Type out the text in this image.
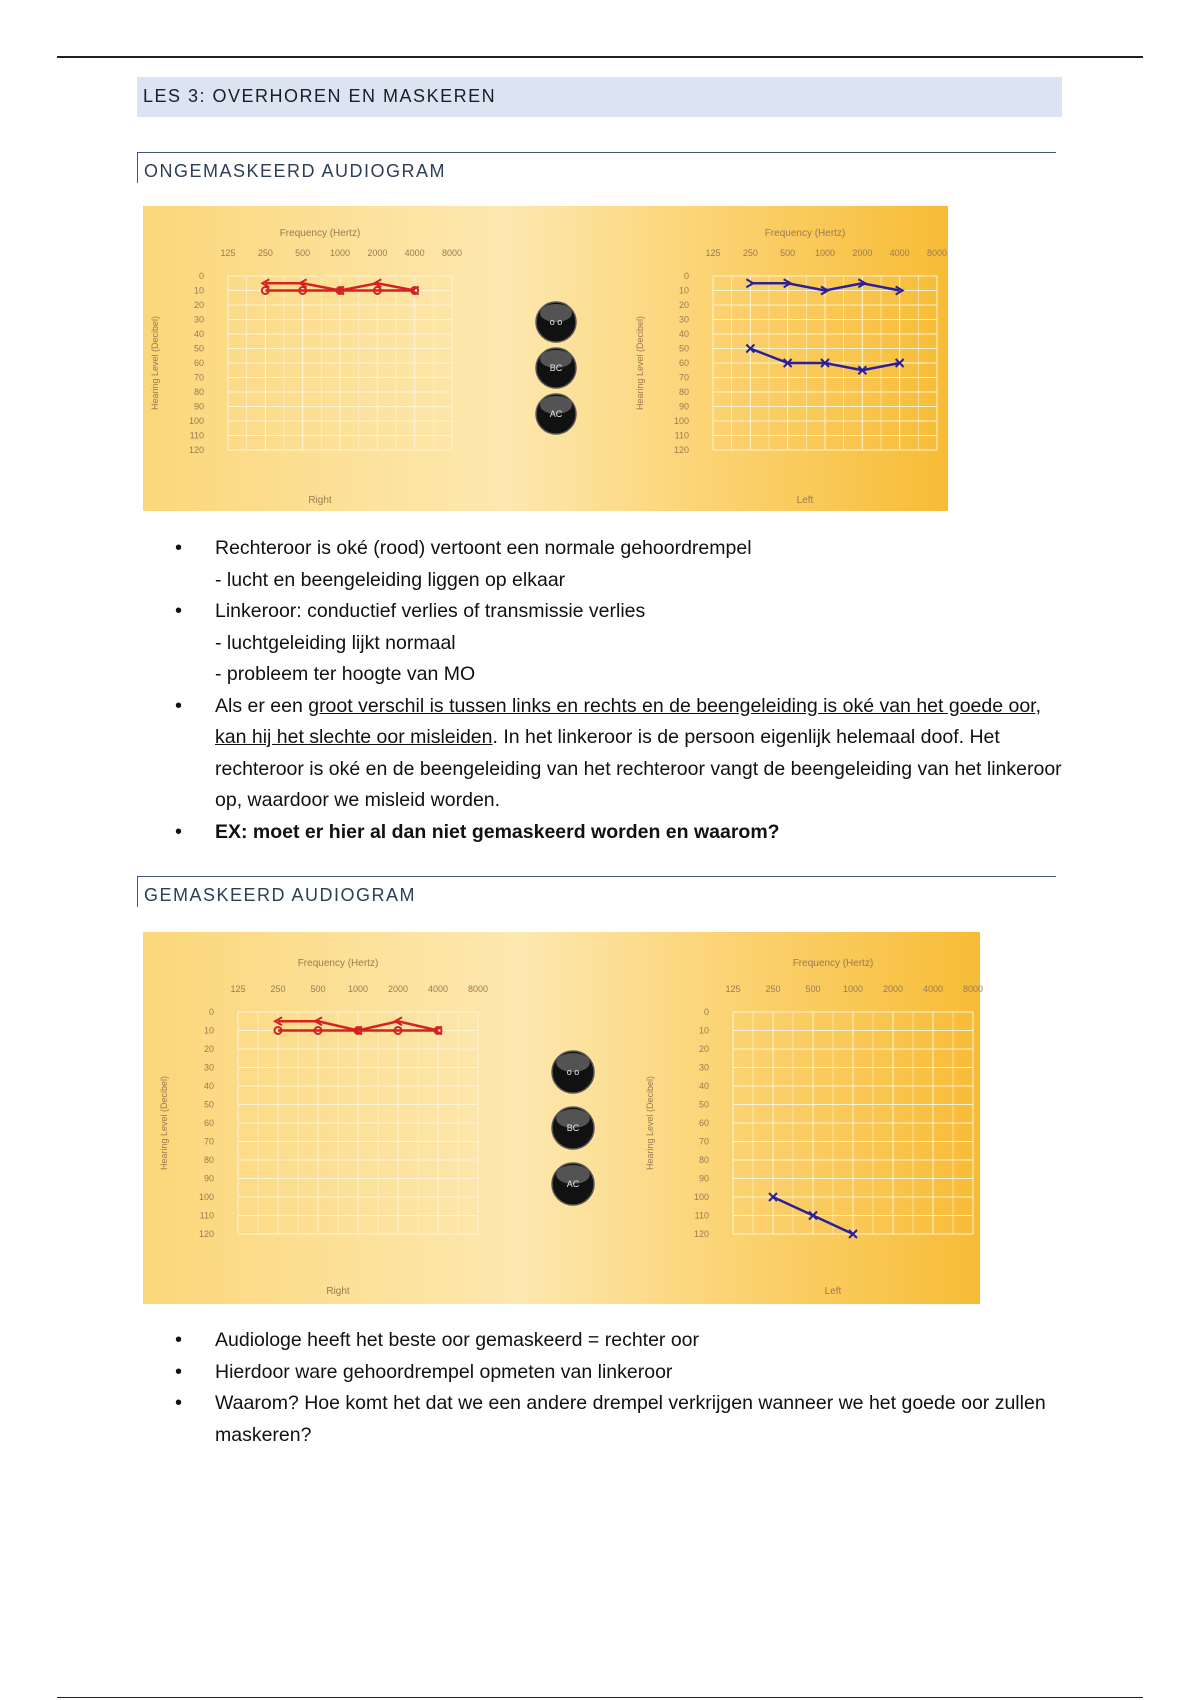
LES 3: OVERHOREN EN MASKEREN
ONGEMASKEERD AUDIOGRAM
125 250 500 1000 2000 4000 8000
0
10
20
30
40
50
60
70
80
90
100
110
120
Frequency (Hertz)
Hearing Level (Decibel)
Right
125 250 500 1000 2000 4000 8000
0
10
20
30
40
50
60
70
80
90
100
110
120
Frequency (Hertz)
Hearing Level (Decibel)
Left
o o
BC
AC
• Rechteroor is oké (rood) vertoont een normale gehoordrempel
- lucht en beengeleiding liggen op elkaar
• Linkeroor: conductief verlies of transmissie verlies
- luchtgeleiding lijkt normaal
- probleem ter hoogte van MO
• Als er een groot verschil is tussen links en rechts en de beengeleiding is oké van het goede oor, kan hij het slechte oor misleiden. In het linkeroor is de persoon eigenlijk helemaal doof. Het rechteroor is oké en de beengeleiding van het rechteroor vangt de beengeleiding van het linkeroor op, waardoor we misleid worden.
• EX: moet er hier al dan niet gemaskeerd worden en waarom?
GEMASKEERD AUDIOGRAM
125	250	500 1000 2000 4000 8000
0
10
20
30
40
50
60
70
80
90
100
110
120
Frequency (Hertz)
Hearing Level (Decibel)
Right
125	250	500 1000 2000 4000 8000
0
10
20
30
40
50
60
70
80
90
100
110
120
Frequency (Hertz)
Hearing Level (Decibel)
Left
o o
BC
AC
• Audiologe heeft het beste oor gemaskeerd = rechter oor
• Hierdoor ware gehoordrempel opmeten van linkeroor
• Waarom? Hoe komt het dat we een andere drempel verkrijgen wanneer we het goede oor zullen maskeren?
